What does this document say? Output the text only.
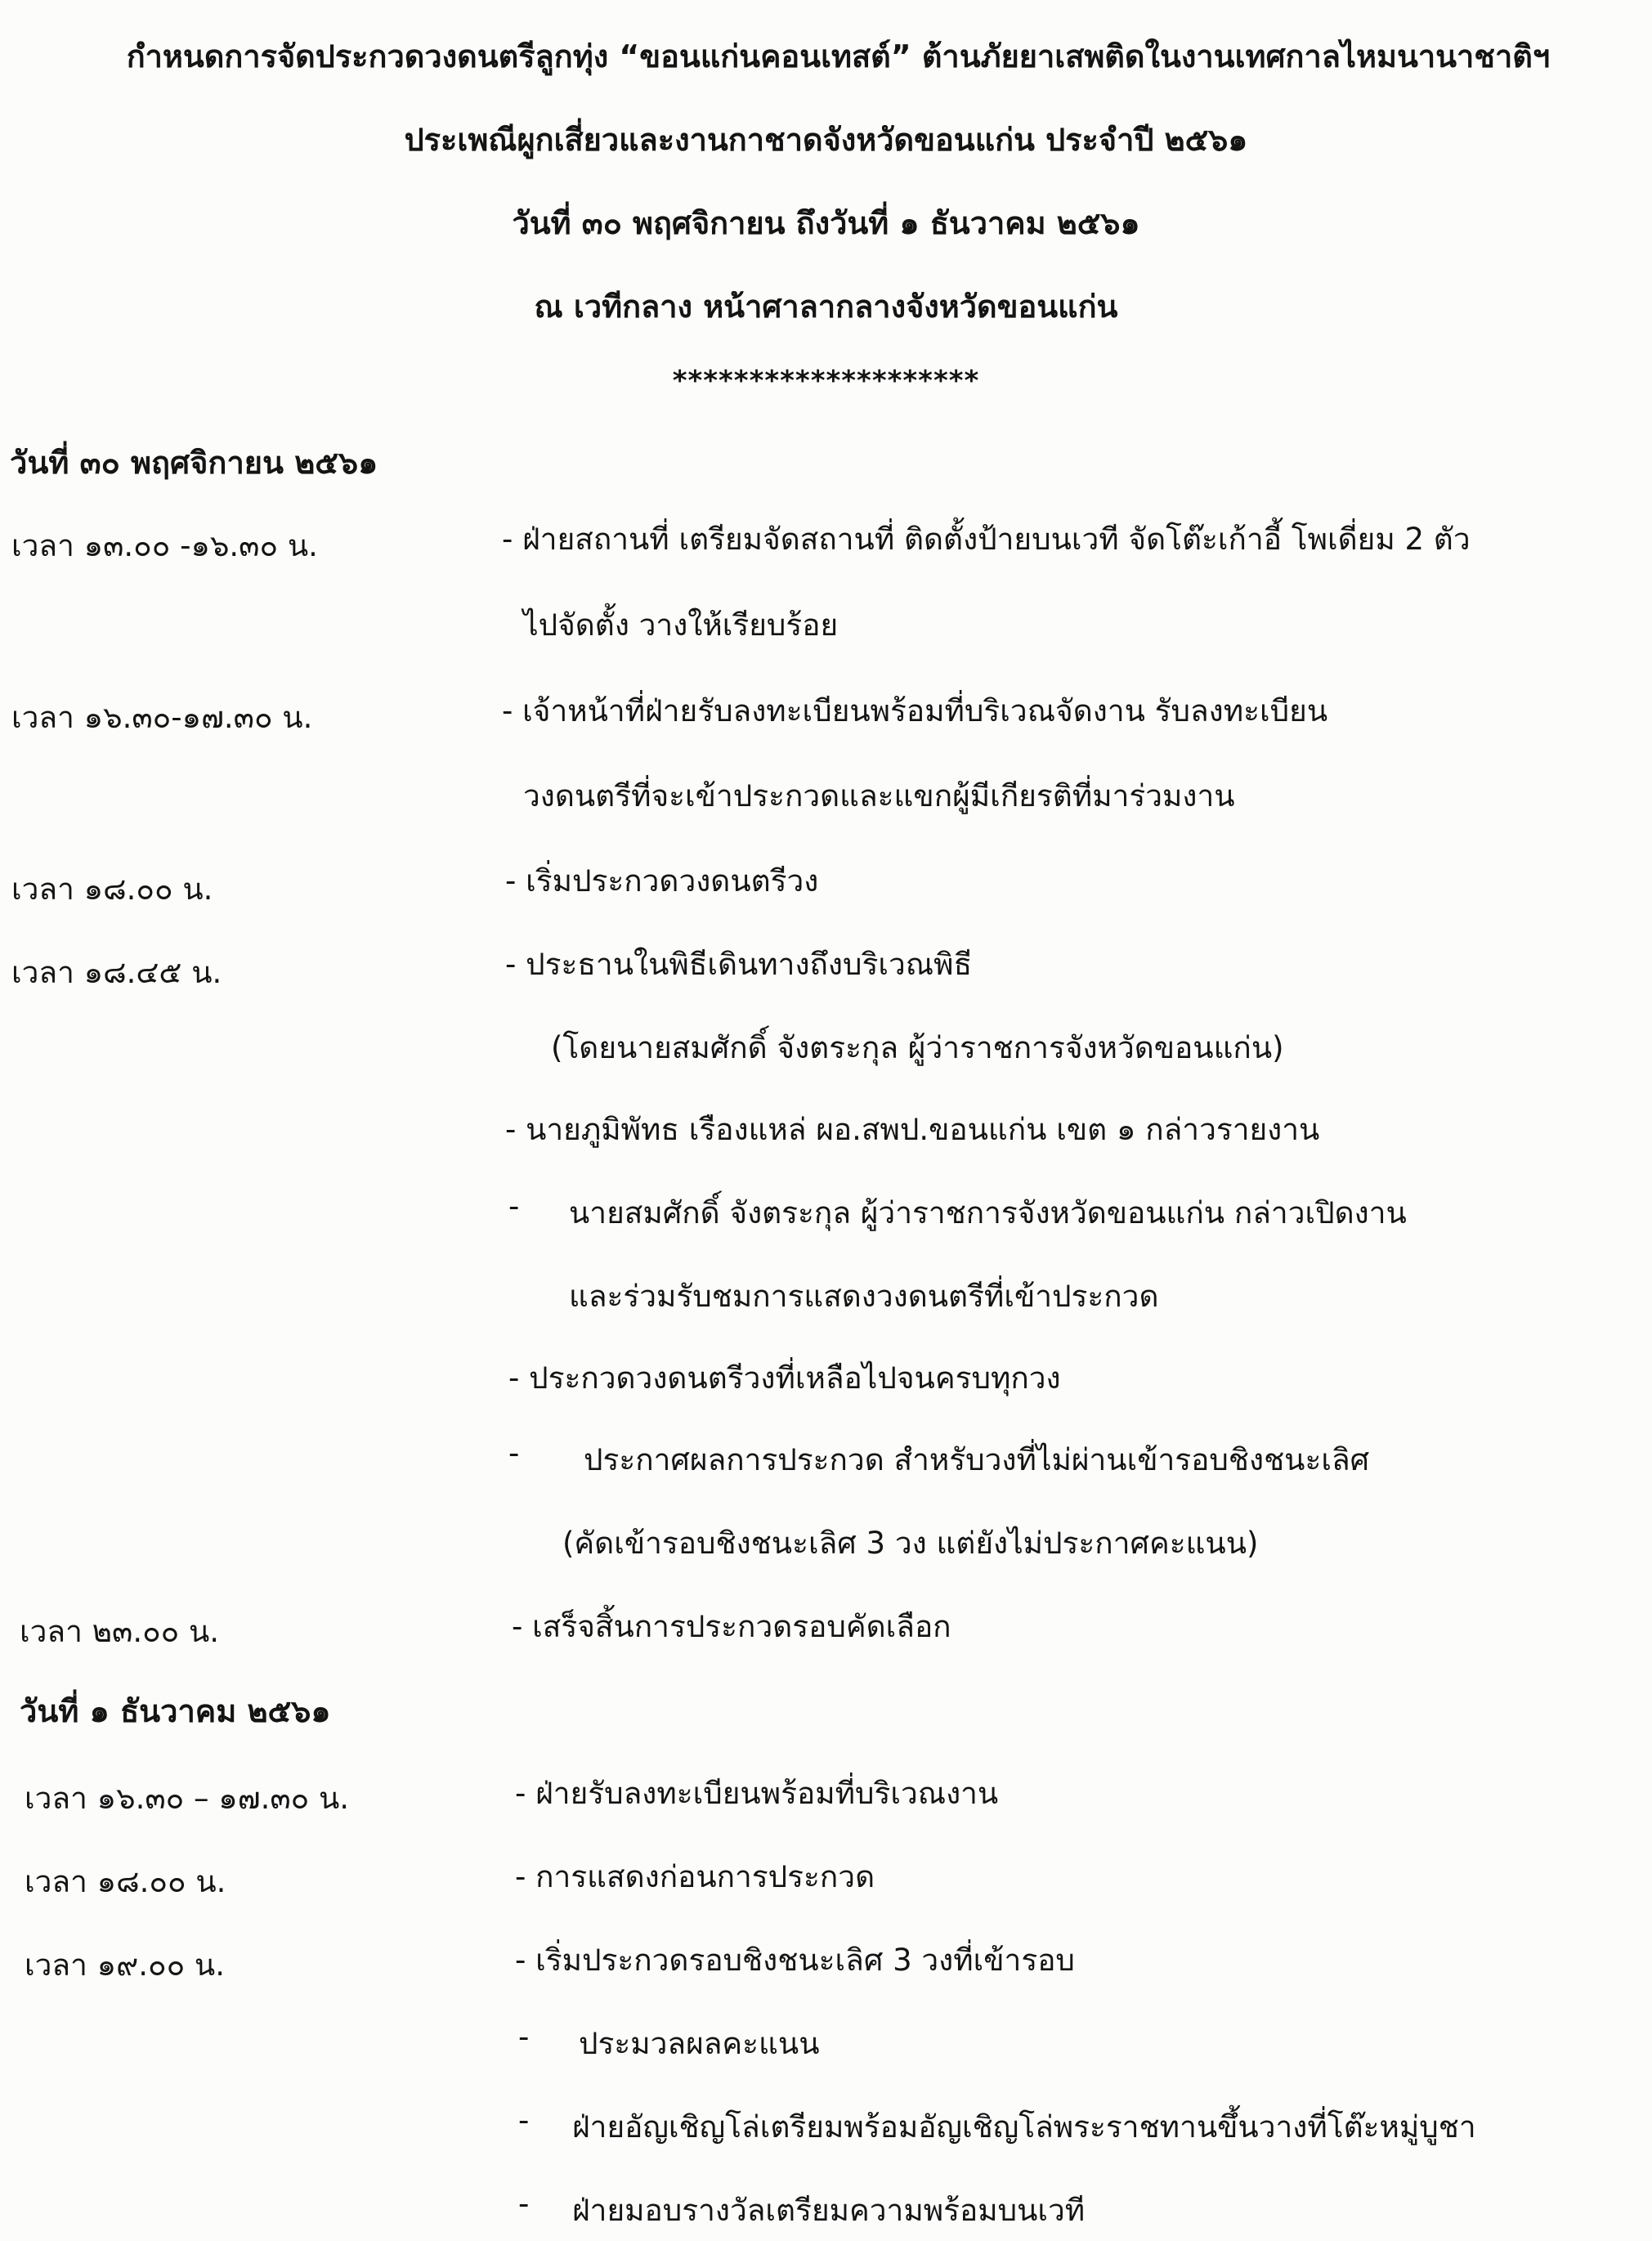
กำหนดการจัดประกวดวงดนตรีลูกทุ่ง “ขอนแก่นคอนเทสต์” ต้านภัยยาเสพติดในงานเทศกาลไหมนานาชาติฯ
ประเพณีผูกเสี่ยวและงานกาชาดจังหวัดขอนแก่น ประจำปี ๒๕๖๑
วันที่ ๓๐ พฤศจิกายน ถึงวันที่ ๑ ธันวาคม ๒๕๖๑
ณ เวทีกลาง หน้าศาลากลางจังหวัดขอนแก่น
********************
วันที่ ๓๐ พฤศจิกายน ๒๕๖๑
เวลา ๑๓.๐๐ -๑๖.๓๐ น.	- ฝ่ายสถานที่ เตรียมจัดสถานที่ ติดตั้งป้ายบนเวที จัดโต๊ะเก้าอี้ โพเดี่ยม 2 ตัว
ไปจัดตั้ง วางให้เรียบร้อย
เวลา ๑๖.๓๐-๑๗.๓๐ น.	- เจ้าหน้าที่ฝ่ายรับลงทะเบียนพร้อมที่บริเวณจัดงาน รับลงทะเบียน
วงดนตรีที่จะเข้าประกวดและแขกผู้มีเกียรติที่มาร่วมงาน
เวลา ๑๘.๐๐ น.	- เริ่มประกวดวงดนตรีวง
เวลา ๑๘.๔๕ น.	- ประธานในพิธีเดินทางถึงบริเวณพิธี
(โดยนายสมศักดิ์ จังตระกุล ผู้ว่าราชการจังหวัดขอนแก่น)
- นายภูมิพัทธ เรืองแหล่ ผอ.สพป.ขอนแก่น เขต ๑ กล่าวรายงาน
- นายสมศักดิ์ จังตระกุล ผู้ว่าราชการจังหวัดขอนแก่น กล่าวเปิดงาน
และร่วมรับชมการแสดงวงดนตรีที่เข้าประกวด
- ประกวดวงดนตรีวงที่เหลือไปจนครบทุกวง
- ประกาศผลการประกวด สำหรับวงที่ไม่ผ่านเข้ารอบชิงชนะเลิศ
(คัดเข้ารอบชิงชนะเลิศ 3 วง แต่ยังไม่ประกาศคะแนน)
เวลา ๒๓.๐๐ น.	- เสร็จสิ้นการประกวดรอบคัดเลือก
วันที่ ๑ ธันวาคม ๒๕๖๑
เวลา ๑๖.๓๐ – ๑๗.๓๐ น.	- ฝ่ายรับลงทะเบียนพร้อมที่บริเวณงาน
เวลา ๑๘.๐๐ น.	- การแสดงก่อนการประกวด
เวลา ๑๙.๐๐ น.	- เริ่มประกวดรอบชิงชนะเลิศ 3 วงที่เข้ารอบ
- ประมวลผลคะแนน
- ฝ่ายอัญเชิญโล่เตรียมพร้อมอัญเชิญโล่พระราชทานขึ้นวางที่โต๊ะหมู่บูชา
- ฝ่ายมอบรางวัลเตรียมความพร้อมบนเวที
